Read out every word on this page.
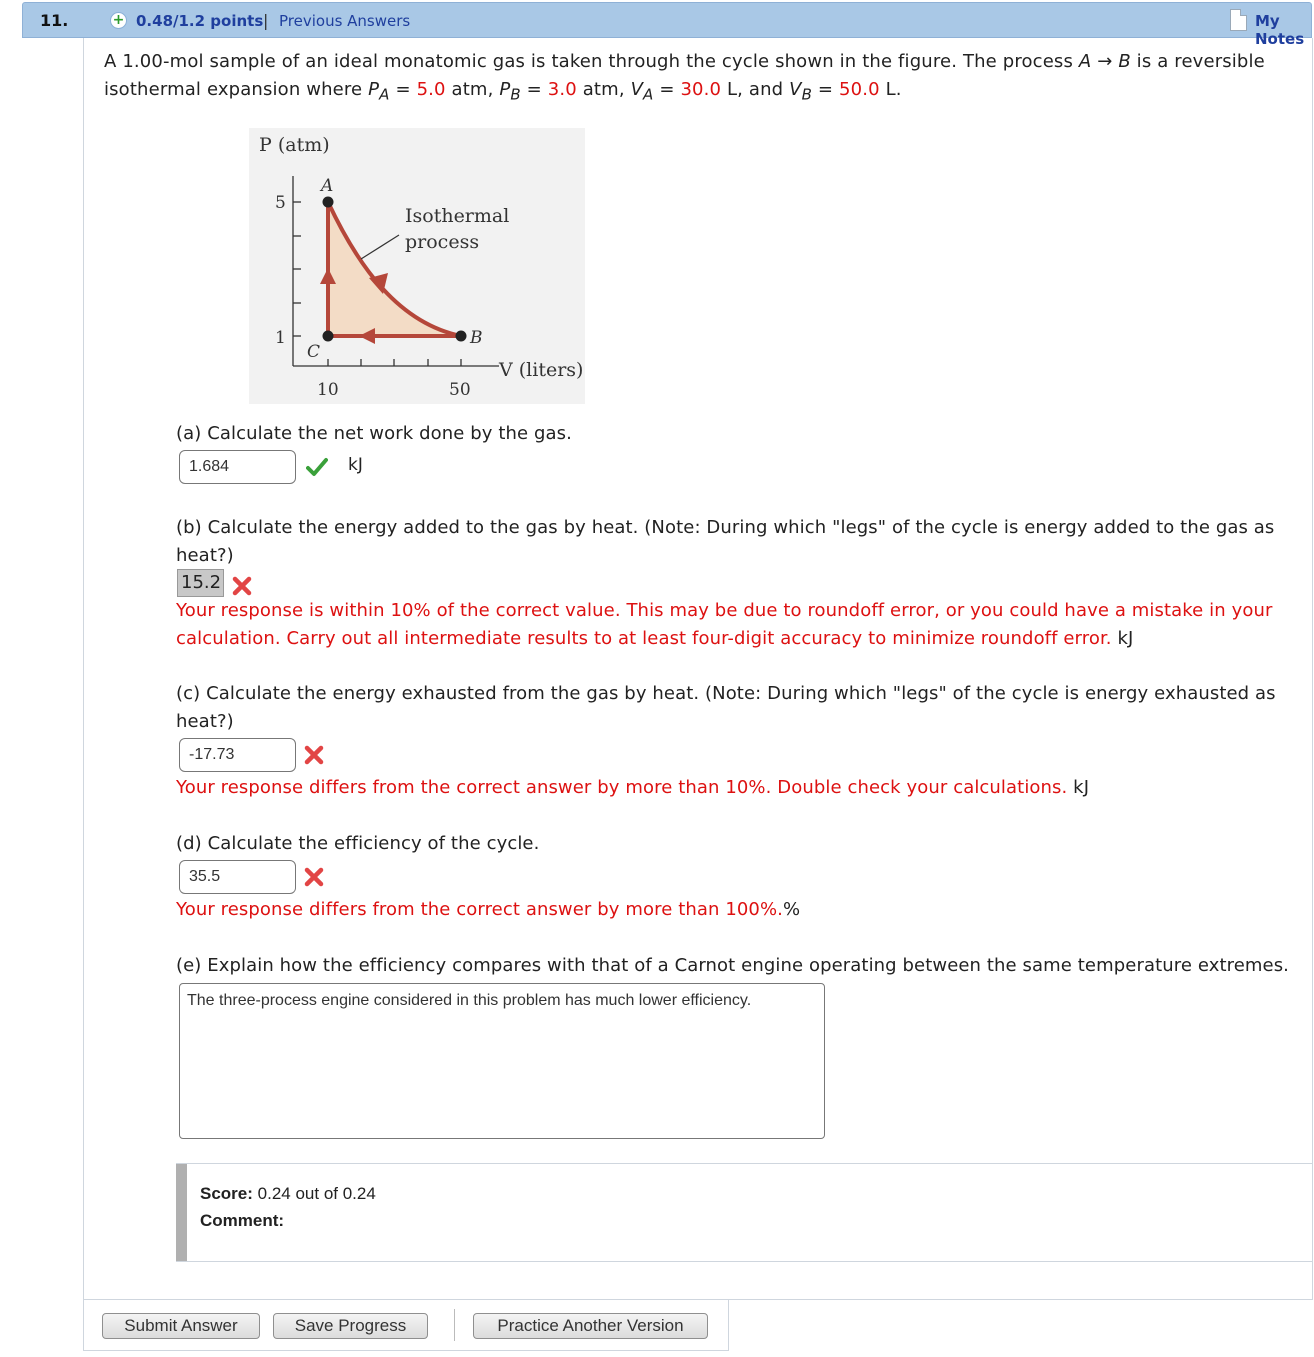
11.	+ 0.48/1.2 points | Previous Answers	My Notes
A 1.00-mol sample of an ideal monatomic gas is taken through the cycle shown in the figure. The process A → B is a reversible isothermal expansion where $P_A = 5.0$ atm, $P_B = 3.0$ atm, $V_A = 30.0$ L, and $V_B = 50.0$ L.
P (atm)
5
1
10	50
V (liters)
A
B
C
Isothermal
process
(a) Calculate the net work done by the gas.
1.684	kJ
(b) Calculate the energy added to the gas by heat. (Note: During which "legs" of the cycle is energy added to the gas as heat?)
15.2
Your response is within 10% of the correct value. This may be due to roundoff error, or you could have a mistake in your calculation. Carry out all intermediate results to at least four-digit accuracy to minimize roundoff error. kJ
(c) Calculate the energy exhausted from the gas by heat. (Note: During which "legs" of the cycle is energy exhausted as heat?)
-17.73
Your response differs from the correct answer by more than 10%. Double check your calculations. kJ
(d) Calculate the efficiency of the cycle.
35.5
Your response differs from the correct answer by more than 100%.%
(e) Explain how the efficiency compares with that of a Carnot engine operating between the same temperature extremes.
The three-process engine considered in this problem has much lower efficiency.
Score: 0.24 out of 0.24
Comment:
Submit Answer	Save Progress	Practice Another Version
